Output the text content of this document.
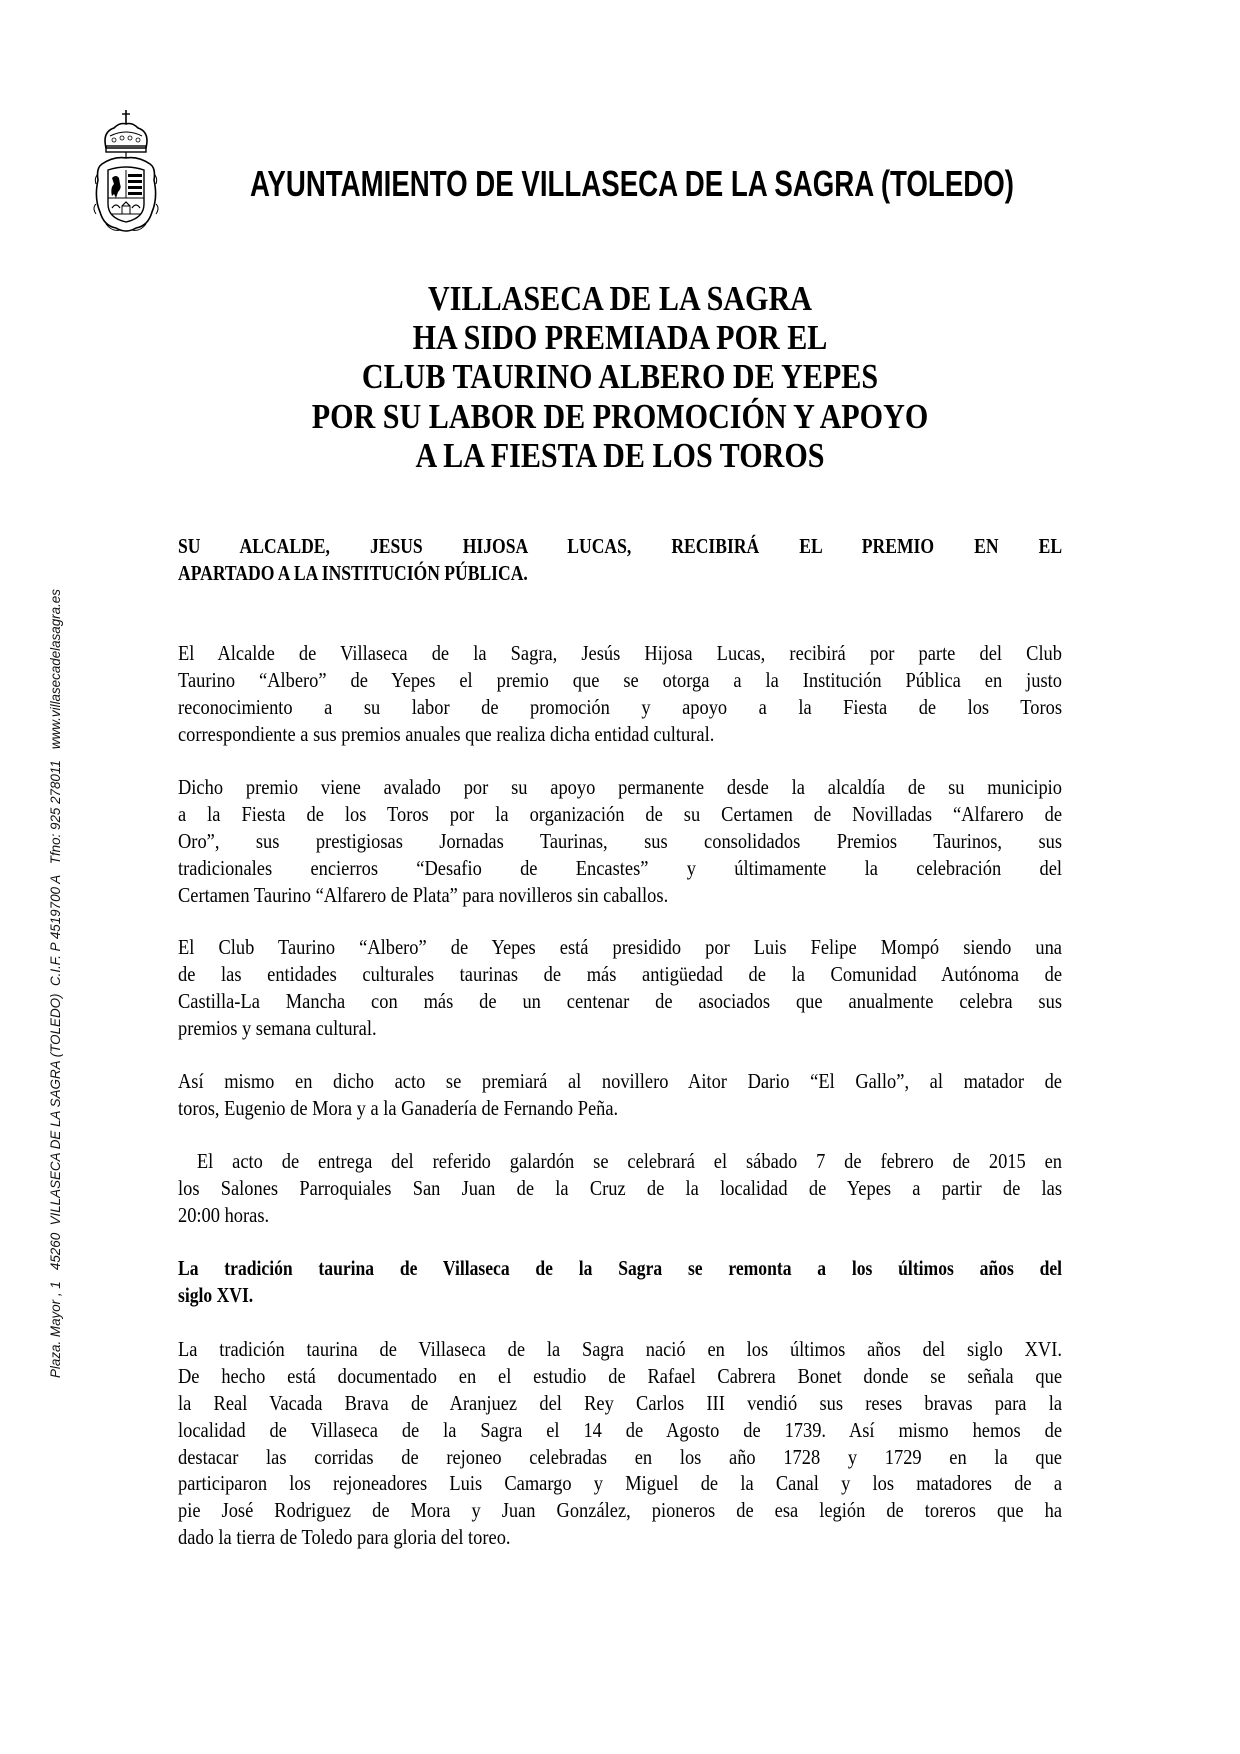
AYUNTAMIENTO DE VILLASECA DE LA SAGRA (TOLEDO)
Plaza. Mayor , 1   45260  VILLASECA DE LA SAGRA (TOLEDO)  C.I.F. P 4519700 A   Tfno: 925 278011   www.villasecadelasagra.es
VILLASECA DE LA SAGRA
HA SIDO PREMIADA POR EL
CLUB TAURINO ALBERO DE YEPES
POR SU LABOR DE PROMOCIÓN Y APOYO
A LA FIESTA DE LOS TOROS
SU ALCALDE, JESUS HIJOSA LUCAS, RECIBIRÁ EL PREMIO EN EL
APARTADO A LA INSTITUCIÓN PÚBLICA.
El Alcalde de Villaseca de la Sagra, Jesús Hijosa Lucas, recibirá por parte del Club
Taurino “Albero” de Yepes el premio que se otorga a la Institución Pública en justo
reconocimiento a su labor de promoción y apoyo a la Fiesta de los Toros
correspondiente a sus premios anuales que realiza dicha entidad cultural.
Dicho premio viene avalado por su apoyo permanente desde la alcaldía de su municipio
a la Fiesta de los Toros por la organización de su Certamen de Novilladas “Alfarero de
Oro”, sus prestigiosas Jornadas Taurinas, sus consolidados Premios Taurinos, sus
tradicionales encierros “Desafio de Encastes” y últimamente la celebración del
Certamen Taurino “Alfarero de Plata” para novilleros sin caballos.
El Club Taurino “Albero” de Yepes está presidido por Luis Felipe Mompó siendo una
de las entidades culturales taurinas de más antigüedad de la Comunidad Autónoma de
Castilla-La Mancha con más de un centenar de asociados que anualmente celebra sus
premios y semana cultural.
Así mismo en dicho acto se premiará al novillero Aitor Dario “El Gallo”, al matador de
toros, Eugenio de Mora y a la Ganadería de Fernando Peña.
El acto de entrega del referido galardón se celebrará el sábado 7 de febrero de 2015 en
los Salones Parroquiales San Juan de la Cruz de la localidad de Yepes a partir de las
20:00 horas.
La tradición taurina de Villaseca de la Sagra se remonta a los últimos años del
siglo XVI.
La tradición taurina de Villaseca de la Sagra nació en los últimos años del siglo XVI.
De hecho está documentado en el estudio de Rafael Cabrera Bonet donde se señala que
la Real Vacada Brava de Aranjuez del Rey Carlos III vendió sus reses bravas para la
localidad de Villaseca de la Sagra el 14 de Agosto de 1739. Así mismo hemos de
destacar las corridas de rejoneo celebradas en los año 1728 y 1729 en la que
participaron los rejoneadores Luis Camargo y Miguel de la Canal y los matadores de a
pie José Rodriguez de Mora y Juan González, pioneros de esa legión de toreros que ha
dado la tierra de Toledo para gloria del toreo.
